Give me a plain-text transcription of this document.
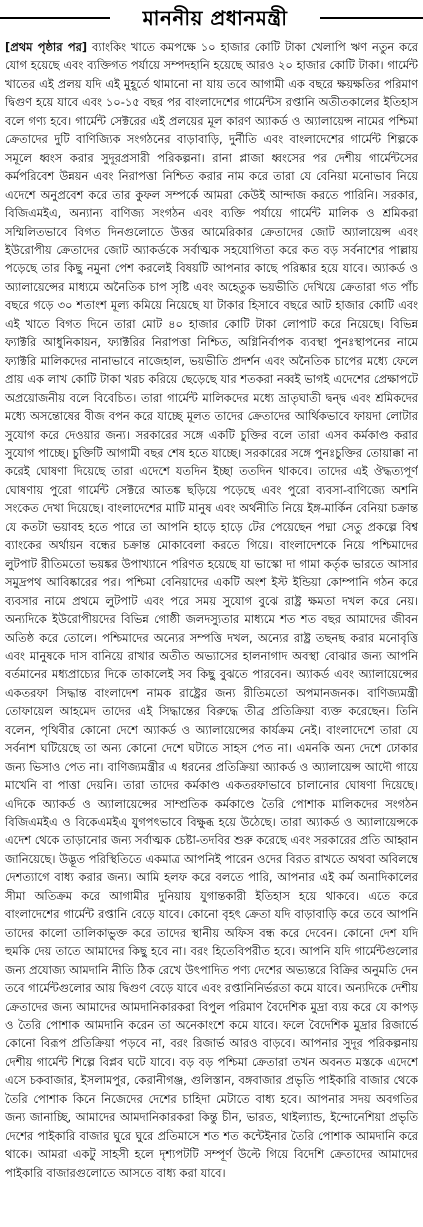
মাননীয় প্রধানমন্ত্রী

[প্রথম পৃষ্ঠার পর] ব্যাংকিং খাতে কমপক্ষে ১০ হাজার কোটি টাকা খেলাপি ঋণ নতুন করে যোগ হয়েছে এবং ব্যক্তিগত পর্যায়ে সম্পদহানি হয়েছে আরও ২০ হাজার কোটি টাকা। গার্মেন্ট খাতের এই প্রলয় যদি এই মুহূর্তে থামানো না যায় তবে আগামী এক বছরে ক্ষয়ক্ষতির পরিমাণ দ্বিগুণ হয়ে যাবে এবং ১০-১৫ বছর পর বাংলাদেশের গার্মেন্টস রপ্তানি অতীতকালের ইতিহাস বলে গণ্য হবে। গার্মেন্ট সেক্টরের এই প্রলয়ের মূল কারণ অ্যাকর্ড ও অ্যালায়েন্স নামের পশ্চিমা ক্রেতাদের দুটি বাণিজ্যিক সংগঠনের বাড়াবাড়ি, দুর্নীতি এবং বাংলাদেশের গার্মেন্ট শিল্পকে সমূলে ধ্বংস করার সুদূরপ্রসারী পরিকল্পনা। রানা প্লাজা ধ্বংসের পর দেশীয় গার্মেন্টসের কর্মপরিবেশ উন্নয়ন এবং নিরাপত্তা নিশ্চিত করার নাম করে তারা যে বেনিয়া মনোভাব নিয়ে এদেশে অনুপ্রবেশ করে তার কুফল সম্পর্কে আমরা কেউই আন্দাজ করতে পারিনি। সরকার, বিজিএমইএ, অন্যান্য বাণিজ্য সংগঠন এবং ব্যক্তি পর্যায়ে গার্মেন্ট মালিক ও শ্রমিকরা সম্মিলিতভাবে বিগত দিনগুলোতে উত্তর আমেরিকার ক্রেতাদের জোট অ্যালায়েন্স এবং ইউরোপীয় ক্রেতাদের জোট অ্যাকর্ডকে সর্বাত্মক সহযোগিতা করে কত বড় সর্বনাশের পাল্লায় পড়েছে তার কিছু নমুনা পেশ করলেই বিষয়টি আপনার কাছে পরিষ্কার হয়ে যাবে। অ্যাকর্ড ও অ্যালায়েন্সের মাধ্যমে অনৈতিক চাপ সৃষ্টি এবং অহেতুক ভয়ভীতি দেখিয়ে ক্রেতারা গত পাঁচ বছরে গড়ে ৩০ শতাংশ মূল্য কমিয়ে নিয়েছে যা টাকার হিসাবে বছরে আট হাজার কোটি এবং এই খাতে বিগত দিনে তারা মোট ৪০ হাজার কোটি টাকা লোপাট করে নিয়েছে। বিভিন্ন ফ্যাক্টরি আধুনিকায়ন, ফ্যাক্টরির নিরাপত্তা নিশ্চিত, অগ্নিনির্বাপক ব্যবস্থা পুনঃস্থাপনের নামে ফ্যাক্টরি মালিকদের নানাভাবে নাজেহাল, ভয়ভীতি প্রদর্শন এবং অনৈতিক চাপের মধ্যে ফেলে প্রায় এক লাখ কোটি টাকা খরচ করিয়ে ছেড়েছে যার শতকরা নব্বই ভাগই এদেশের প্রেক্ষাপটে অপ্রয়োজনীয় বলে বিবেচিত। তারা গার্মেন্ট মালিকদের মধ্যে ভ্রাতৃঘাতী দ্বন্দ্ব এবং শ্রমিকদের মধ্যে অসন্তোষের বীজ বপন করে যাচ্ছে মূলত তাদের ক্রেতাদের আর্থিকভাবে ফায়দা লোটার সুযোগ করে দেওয়ার জন্য। সরকারের সঙ্গে একটি চুক্তির বলে তারা এসব কর্মকাণ্ড করার সুযোগ পাচ্ছে। চুক্তিটি আগামী বছর শেষ হতে যাচ্ছে। সরকারের সঙ্গে পুনঃচুক্তির তোয়াক্কা না করেই ঘোষণা দিয়েছে তারা এদেশে যতদিন ইচ্ছা ততদিন থাকবে। তাদের এই ঔদ্ধত্যপূর্ণ ঘোষণায় পুরো গার্মেন্ট সেক্টরে আতঙ্ক ছড়িয়ে পড়েছে এবং পুরো ব্যবসা-বাণিজ্যে অশনি সংকেত দেখা দিয়েছে। বাংলাদেশের মাটি মানুষ এবং অর্থনীতি নিয়ে ইঙ্গ-মার্কিন বেনিয়া চক্রান্ত যে কতটা ভয়াবহ হতে পারে তা আপনি হাড়ে হাড়ে টের পেয়েছেন পদ্মা সেতু প্রকল্পে বিশ্ব ব্যাংকের অর্থায়ন বন্ধের চক্রান্ত মোকাবেলা করতে গিয়ে। বাংলাদেশকে নিয়ে পশ্চিমাদের লুটপাট রীতিমতো ভয়ঙ্কর উপাখ্যানে পরিণত হয়েছে যা ভাস্কো দা গামা কর্তৃক ভারতে আসার সমুদ্রপথ আবিষ্কারের পর। পশ্চিমা বেনিয়াদের একটি অংশ ইস্ট ইন্ডিয়া কোম্পানি গঠন করে ব্যবসার নামে প্রথমে লুটপাট এবং পরে সময় সুযোগ বুঝে রাষ্ট্র ক্ষমতা দখল করে নেয়। অন্যদিকে ইউরোপীয়দের বিভিন্ন গোষ্ঠী জলদস্যুতার মাধ্যমে শত শত বছর আমাদের জীবন অতিষ্ঠ করে তোলে। পশ্চিমাদের অন্যের সম্পত্তি দখল, অন্যের রাষ্ট্র তছনছ করার মনোবৃত্তি এবং মানুষকে দাস বানিয়ে রাখার অতীত অভ্যাসের হালনাগাদ অবস্থা বোঝার জন্য আপনি বর্তমানের মধ্যপ্রাচ্যের দিকে তাকালেই সব কিছু বুঝতে পারবেন। অ্যাকর্ড এবং অ্যালায়েন্সের একতরফা সিদ্ধান্ত বাংলাদেশ নামক রাষ্ট্রের জন্য রীতিমতো অপমানজনক। বাণিজ্যমন্ত্রী তোফায়েল আহমেদ তাদের এই সিদ্ধান্তের বিরুদ্ধে তীব্র প্রতিক্রিয়া ব্যক্ত করেছেন। তিনি বলেন, পৃথিবীর কোনো দেশে অ্যাকর্ড ও অ্যালায়েন্সের কার্যক্রম নেই। বাংলাদেশে তারা যে সর্বনাশ ঘটিয়েছে তা অন্য কোনো দেশে ঘটাতে সাহস পেত না। এমনকি অন্য দেশে ঢোকার জন্য ভিসাও পেত না। বাণিজ্যমন্ত্রীর এ ধরনের প্রতিক্রিয়া অ্যাকর্ড ও অ্যালায়েন্স আদৌ গায়ে মাখেনি বা পাত্তা দেয়নি। তারা তাদের কর্মকাণ্ড একতরফাভাবে চালানোর ঘোষণা দিয়েছে। এদিকে অ্যাকর্ড ও অ্যালায়েন্সের সাম্প্রতিক কর্মকাণ্ডে তৈরি পোশাক মালিকদের সংগঠন বিজিএমইএ ও বিকেএমইএ যুগপৎভাবে বিক্ষুব্ধ হয়ে উঠেছে। তারা অ্যাকর্ড ও অ্যালায়েন্সকে এদেশ থেকে তাড়ানোর জন্য সর্বাত্মক চেষ্টা-তদবির শুরু করেছে এবং সরকারের প্রতি আহ্বান জানিয়েছে। উদ্ভূত পরিস্থিতিতে একমাত্র আপনিই পারেন ওদের বিরত রাখতে অথবা অবিলম্বে দেশত্যাগে বাধ্য করার জন্য। আমি হলফ করে বলতে পারি, আপনার এই কর্ম অনাদিকালের সীমা অতিক্রম করে আগামীর দুনিয়ায় যুগান্তকারী ইতিহাস হয়ে থাকবে। এতে করে বাংলাদেশের গার্মেন্ট রপ্তানি বেড়ে যাবে। কোনো বৃহৎ ক্রেতা যদি বাড়াবাড়ি করে তবে আপনি তাদের কালো তালিকাভুক্ত করে তাদের স্থানীয় অফিস বন্ধ করে দেবেন। কোনো দেশ যদি হুমকি দেয় তাতে আমাদের কিছু হবে না। বরং হিতেবিপরীত হবে। আপনি যদি গার্মেন্টগুলোর জন্য প্রযোজ্য আমদানি নীতি ঠিক রেখে উৎপাদিত পণ্য দেশের অভ্যন্তরে বিক্রির অনুমতি দেন তবে গার্মেন্টগুলোর আয় দ্বিগুণ বেড়ে যাবে এবং রপ্তানিনির্ভরতা কমে যাবে। অন্যদিকে দেশীয় ক্রেতাদের জন্য আমাদের আমদানিকারকরা বিপুল পরিমাণ বৈদেশিক মুদ্রা ব্যয় করে যে কাপড় ও তৈরি পোশাক আমদানি করেন তা অনেকাংশে কমে যাবে। ফলে বৈদেশিক মুদ্রার রিজার্ভে কোনো বিরূপ প্রতিক্রিয়া পড়বে না, বরং রিজার্ভ আরও বাড়বে। আপনার সুদূর পরিকল্পনায় দেশীয় গার্মেন্ট শিল্পে বিপ্লব ঘটে যাবে। বড় বড় পশ্চিমা ক্রেতারা তখন অবনত মস্তকে এদেশে এসে চকবাজার, ইসলামপুর, কেরানীগঞ্জ, গুলিস্তান, বঙ্গবাজার প্রভৃতি পাইকারি বাজার থেকে তৈরি পোশাক কিনে নিজেদের দেশের চাহিদা মেটাতে বাধ্য হবে। আপনার সদয় অবগতির জন্য জানাচ্ছি, আমাদের আমদানিকারকরা কিন্তু চীন, ভারত, থাইল্যান্ড, ইন্দোনেশিয়া প্রভৃতি দেশের পাইকারি বাজার ঘুরে ঘুরে প্রতিমাসে শত শত কন্টেইনার তৈরি পোশাক আমদানি করে থাকে। আমরা একটু সাহসী হলে দৃশ্যপটটি সম্পূর্ণ উল্টে গিয়ে বিদেশি ক্রেতাদের আমাদের পাইকারি বাজারগুলোতে আসতে বাধ্য করা যাবে।
